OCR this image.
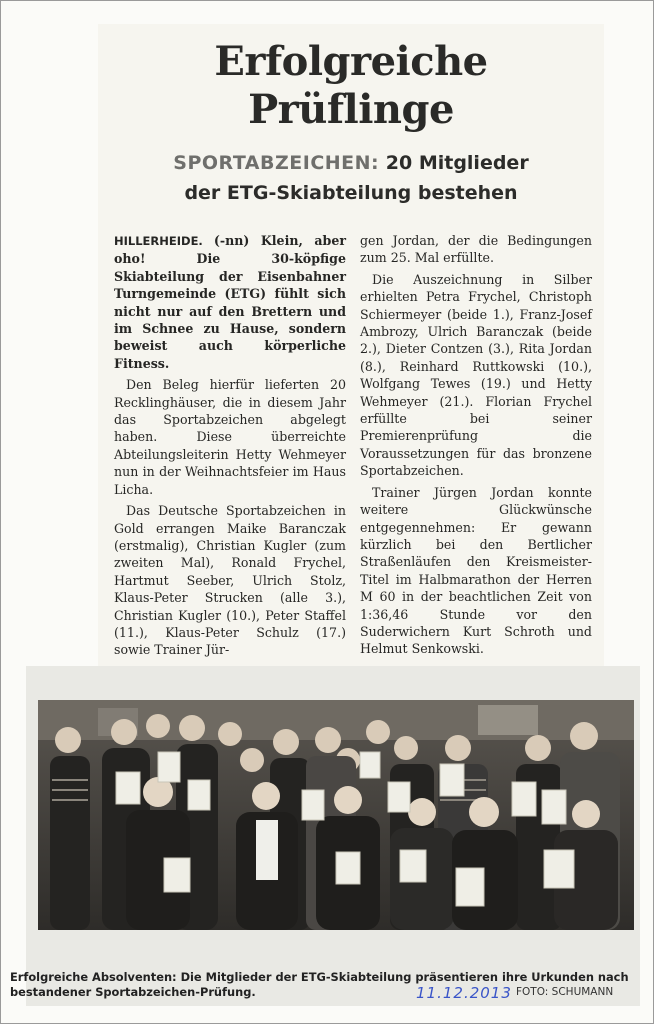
Erfolgreiche
Prüflinge
SPORTABZEICHEN: 20 Mitglieder
der ETG-Skiabteilung bestehen

HILLERHEIDE. (-nn) Klein, aber oho! Die 30-köpfige Skiabteilung der Eisenbahner Turngemeinde (ETG) fühlt sich nicht nur auf den Brettern und im Schnee zu Hause, sondern beweist auch körperliche Fitness.

Den Beleg hierfür lieferten 20 Recklinghäuser, die in diesem Jahr das Sportabzeichen abgelegt haben. Diese überreichte Abteilungsleiterin Hetty Wehmeyer nun in der Weihnachtsfeier im Haus Licha.

Das Deutsche Sportabzeichen in Gold errangen Maike Baranczak (erstmalig), Christian Kugler (zum zweiten Mal), Ronald Frychel, Hartmut Seeber, Ulrich Stolz, Klaus-Peter Strucken (alle 3.), Christian Kugler (10.), Peter Staffel (11.), Klaus-Peter Schulz (17.) sowie Trainer Jür-

gen Jordan, der die Bedingungen zum 25. Mal erfüllte.

Die Auszeichnung in Silber erhielten Petra Frychel, Christoph Schiermeyer (beide 1.), Franz-Josef Ambrozy, Ulrich Baranczak (beide 2.), Dieter Contzen (3.), Rita Jordan (8.), Reinhard Ruttkowski (10.), Wolfgang Tewes (19.) und Hetty Wehmeyer (21.). Florian Frychel erfüllte bei seiner Premierenprüfung die Voraussetzungen für das bronzene Sportabzeichen.

Trainer Jürgen Jordan konnte weitere Glückwünsche entgegennehmen: Er gewann kürzlich bei den Bertlicher Straßenläufen den Kreismeister-Titel im Halbmarathon der Herren M 60 in der beachtlichen Zeit von 1:36,46 Stunde vor den Suderwichern Kurt Schroth und Helmut Senkowski.

Erfolgreiche Absolventen: Die Mitglieder der ETG-Skiabteilung präsentieren ihre Urkunden nach bestandener Sportabzeichen-Prüfung.	11.12.2013 FOTO: SCHUMANN
